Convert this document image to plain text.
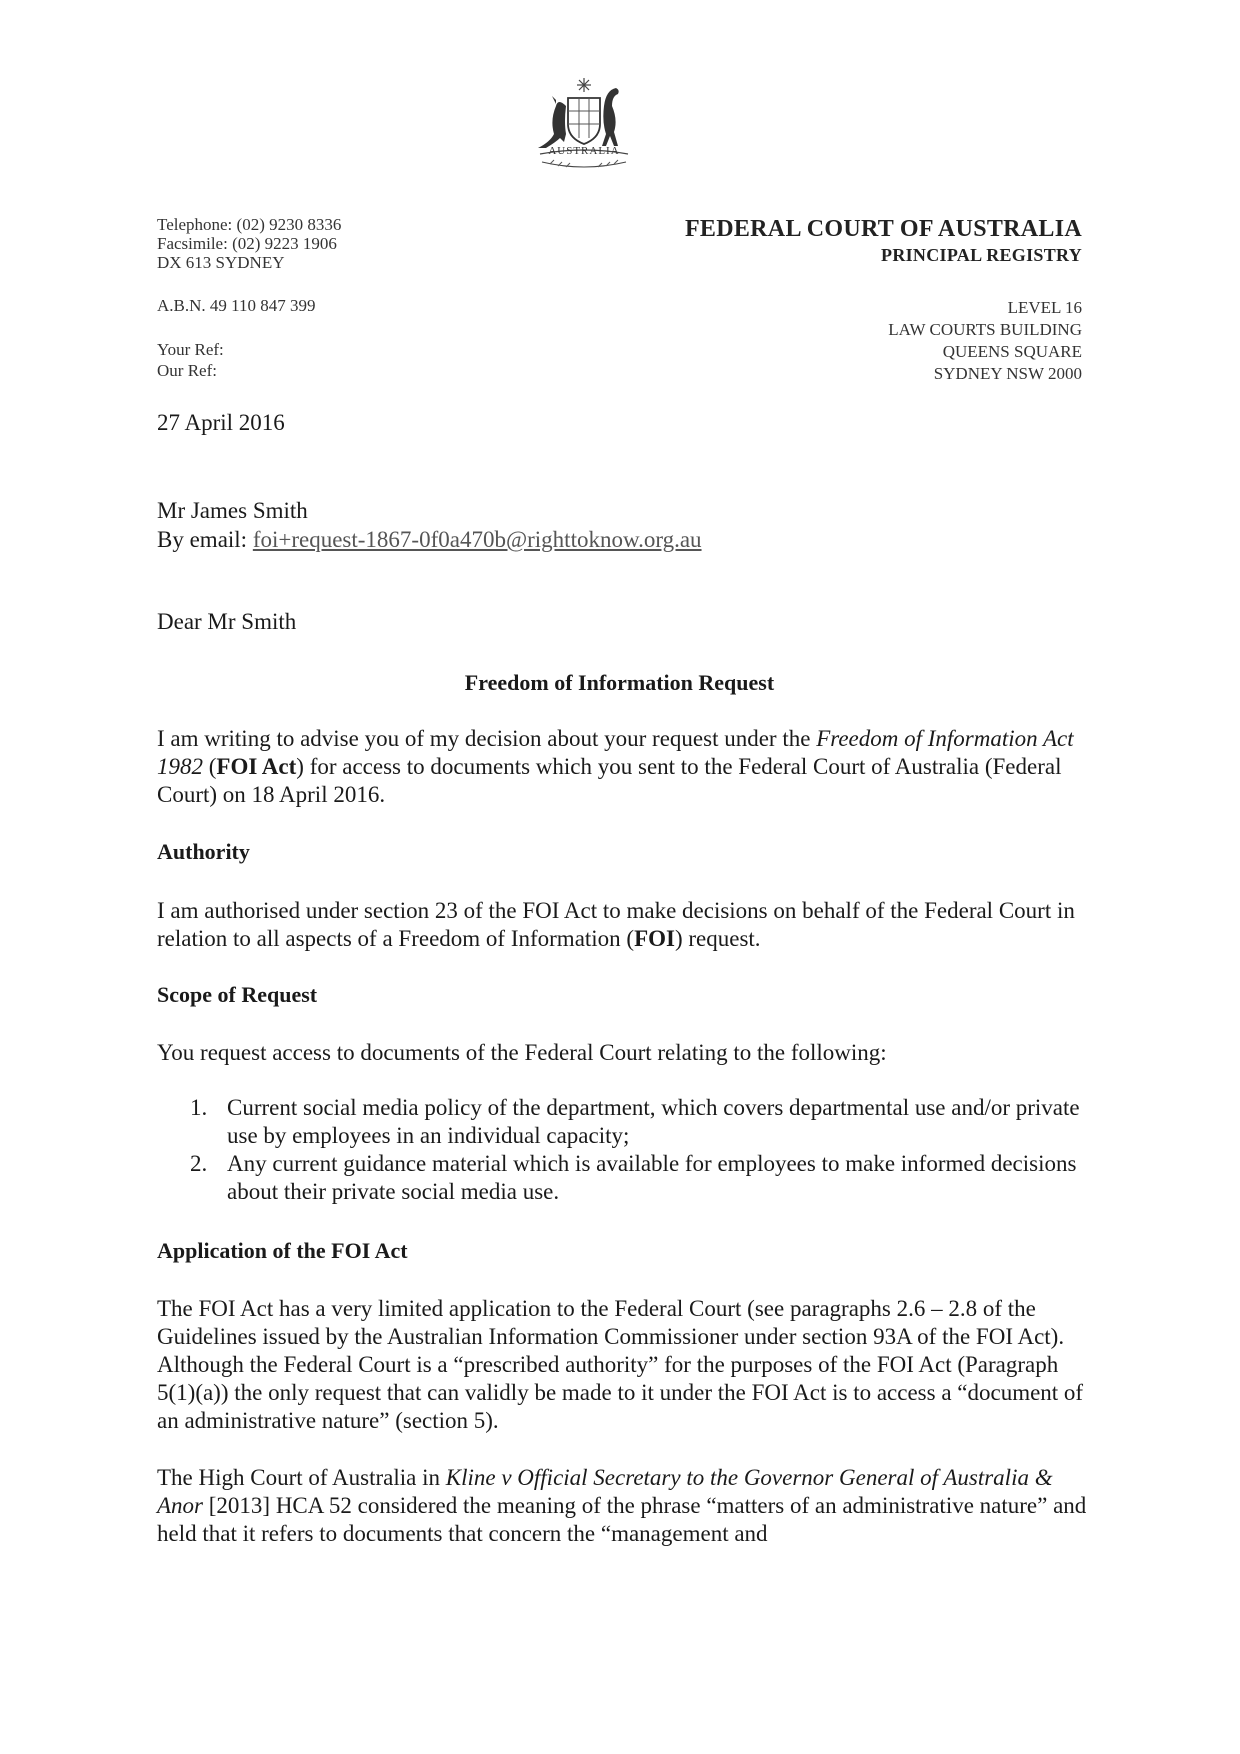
AUSTRALIA
Telephone: (02) 9230 8336
Facsimile: (02) 9223 1906
DX 613 SYDNEY
A.B.N. 49 110 847 399
Your Ref:
Our Ref:
FEDERAL COURT OF AUSTRALIA
PRINCIPAL REGISTRY
LEVEL 16
LAW COURTS BUILDING
QUEENS SQUARE
SYDNEY NSW 2000
27 April 2016
Mr James Smith
By email: foi+request-1867-0f0a470b@righttoknow.org.au
Dear Mr Smith
Freedom of Information Request
I am writing to advise you of my decision about your request under the Freedom of Information Act 1982 (FOI Act) for access to documents which you sent to the Federal Court of Australia (Federal Court) on 18 April 2016.
Authority
I am authorised under section 23 of the FOI Act to make decisions on behalf of the Federal Court in relation to all aspects of a Freedom of Information (FOI) request.
Scope of Request
You request access to documents of the Federal Court relating to the following:
1. Current social media policy of the department, which covers departmental use and/or private use by employees in an individual capacity;
2. Any current guidance material which is available for employees to make informed decisions about their private social media use.
Application of the FOI Act
The FOI Act has a very limited application to the Federal Court (see paragraphs 2.6 – 2.8 of the Guidelines issued by the Australian Information Commissioner under section 93A of the FOI Act). Although the Federal Court is a “prescribed authority” for the purposes of the FOI Act (Paragraph 5(1)(a)) the only request that can validly be made to it under the FOI Act is to access a “document of an administrative nature” (section 5).
The High Court of Australia in Kline v Official Secretary to the Governor General of Australia & Anor [2013] HCA 52 considered the meaning of the phrase “matters of an administrative nature” and held that it refers to documents that concern the “management and
